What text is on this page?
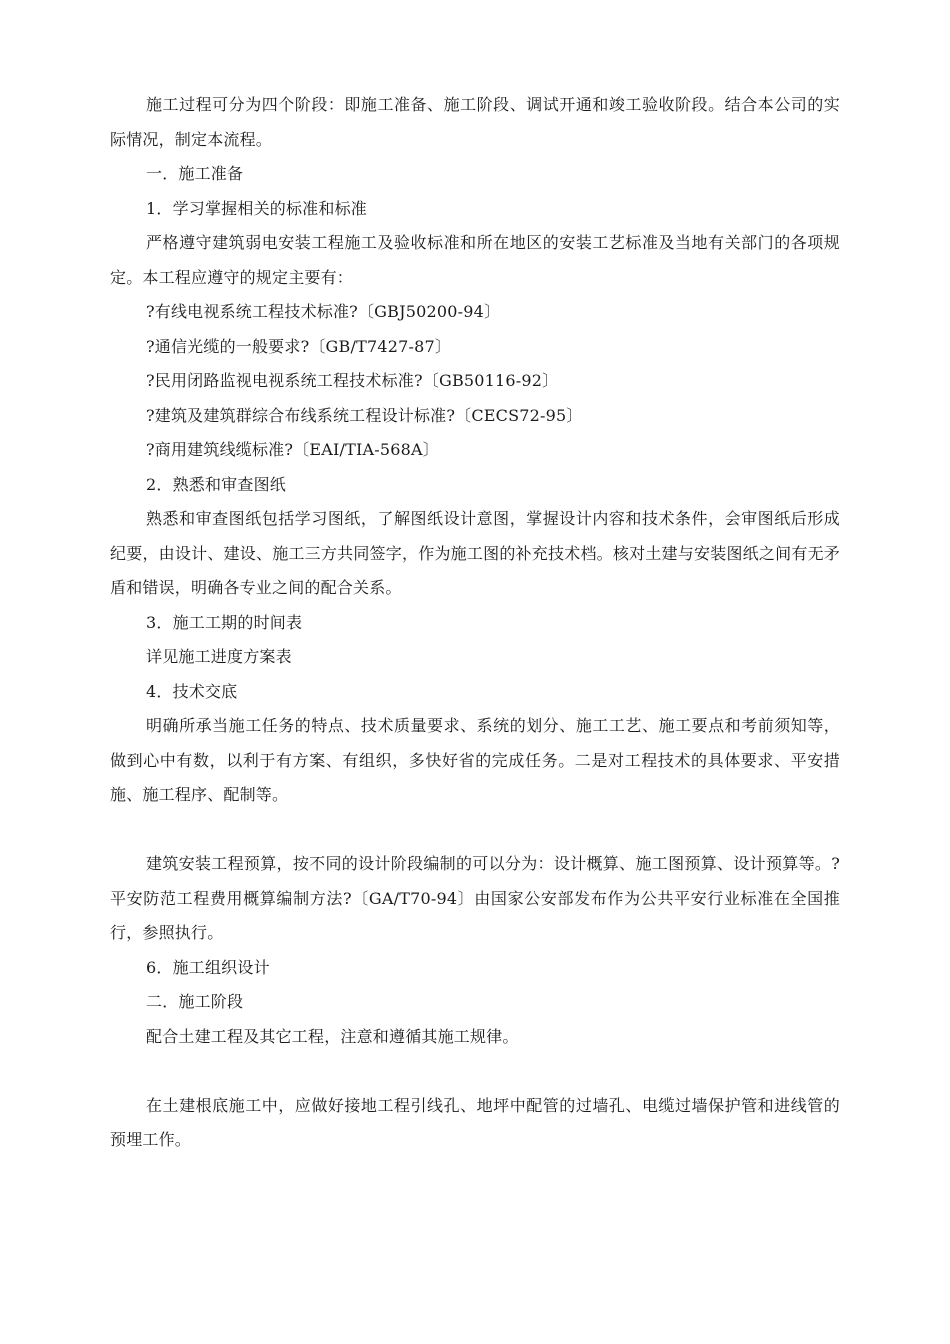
施工过程可分为四个阶段：即施工准备、施工阶段、调试开通和竣工验收阶段。结合本公司的实际情况，制定本流程。

一．施工准备

1．学习掌握相关的标准和标准

严格遵守建筑弱电安装工程施工及验收标准和所在地区的安装工艺标准及当地有关部门的各项规定。本工程应遵守的规定主要有：

?有线电视系统工程技术标准?〔GBJ50200-94〕

?通信光缆的一般要求?〔GB/T7427-87〕

?民用闭路监视电视系统工程技术标准?〔GB50116-92〕

?建筑及建筑群综合布线系统工程设计标准?〔CECS72-95〕

?商用建筑线缆标准?〔EAI/TIA-568A〕

2．熟悉和审查图纸

熟悉和审查图纸包括学习图纸，了解图纸设计意图，掌握设计内容和技术条件，会审图纸后形成纪要，由设计、建设、施工三方共同签字，作为施工图的补充技术档。核对土建与安装图纸之间有无矛盾和错误，明确各专业之间的配合关系。

3．施工工期的时间表

详见施工进度方案表

4．技术交底

明确所承当施工任务的特点、技术质量要求、系统的划分、施工工艺、施工要点和考前须知等，做到心中有数，以利于有方案、有组织，多快好省的完成任务。二是对工程技术的具体要求、平安措施、施工程序、配制等。

建筑安装工程预算，按不同的设计阶段编制的可以分为：设计概算、施工图预算、设计预算等。?平安防范工程费用概算编制方法?〔GA/T70-94〕由国家公安部发布作为公共平安行业标准在全国推行，参照执行。

6．施工组织设计

二．施工阶段

配合土建工程及其它工程，注意和遵循其施工规律。

在土建根底施工中，应做好接地工程引线孔、地坪中配管的过墙孔、电缆过墙保护管和进线管的预埋工作。
